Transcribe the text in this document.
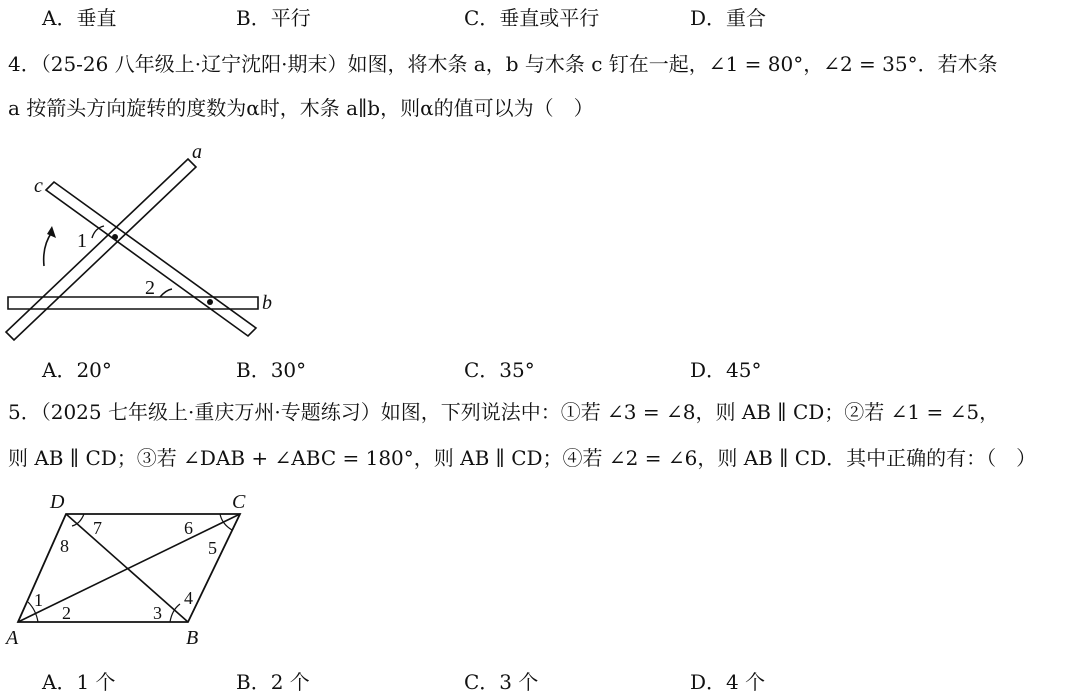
A．垂直	B．平行	C．垂直或平行	D．重合
4．（25-26 八年级上·辽宁沈阳·期末）如图，将木条 a，b 与木条 c 钉在一起，∠1 = 80°，∠2 = 35°．若木条
a 按箭头方向旋转的度数为α时，木条 a∥b，则α的值可以为（　）
a
b
c
1
2
A．20°	B．30°	C．35°	D．45°
5．（2025 七年级上·重庆万州·专题练习）如图，下列说法中：①若 ∠3 = ∠8，则 AB ∥ CD；②若 ∠1 = ∠5，
则 AB ∥ CD；③若 ∠DAB + ∠ABC = 180°，则 AB ∥ CD；④若 ∠2 = ∠6，则 AB ∥ CD．其中正确的有：（　）
A	B
C
D
1
2	3
4
5
6
7
8
A．1 个	B．2 个	C．3 个	D．4 个
